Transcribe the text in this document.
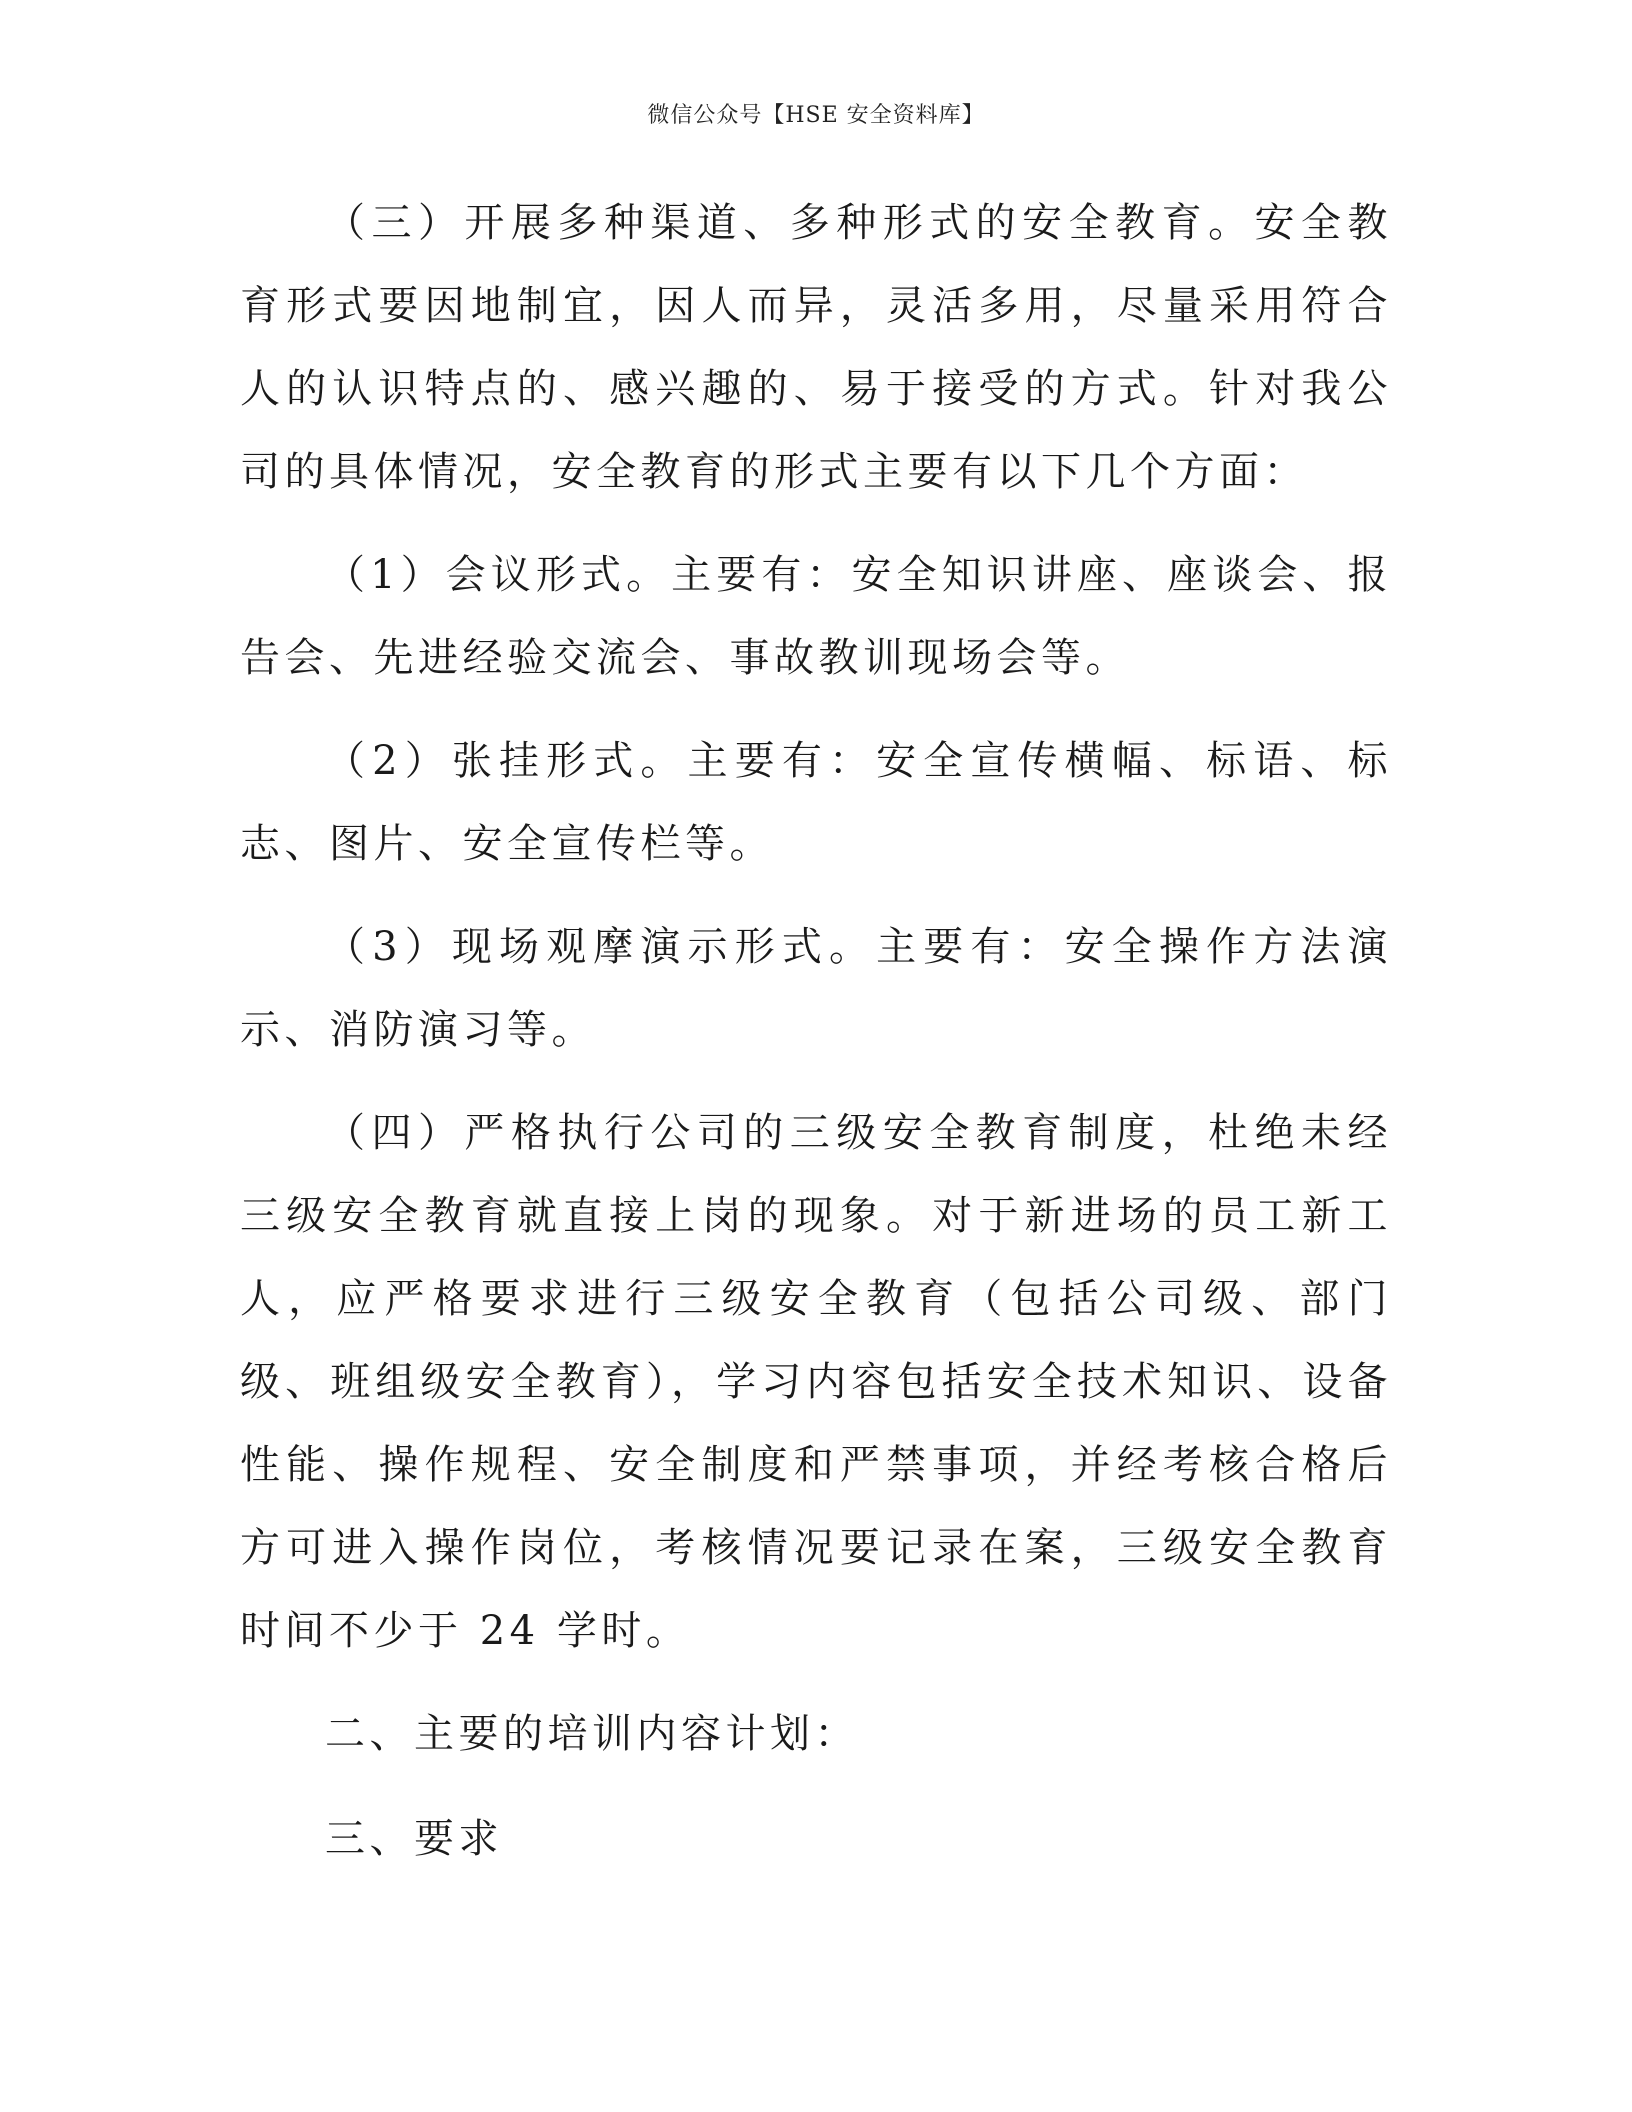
微信公众号【HSE 安全资料库】

（三）开展多种渠道、多种形式的安全教育。安全教育形式要因地制宜，因人而异，灵活多用，尽量采用符合人的认识特点的、感兴趣的、易于接受的方式。针对我公司的具体情况，安全教育的形式主要有以下几个方面：

（1）会议形式。主要有：安全知识讲座、座谈会、报告会、先进经验交流会、事故教训现场会等。

（2）张挂形式。主要有：安全宣传横幅、标语、标志、图片、安全宣传栏等。

（3）现场观摩演示形式。主要有：安全操作方法演示、消防演习等。

（四）严格执行公司的三级安全教育制度，杜绝未经三级安全教育就直接上岗的现象。对于新进场的员工新工人，应严格要求进行三级安全教育（包括公司级、部门级、班组级安全教育），学习内容包括安全技术知识、设备性能、操作规程、安全制度和严禁事项，并经考核合格后方可进入操作岗位，考核情况要记录在案，三级安全教育时间不少于 24 学时。

二、主要的培训内容计划：

三、要求
